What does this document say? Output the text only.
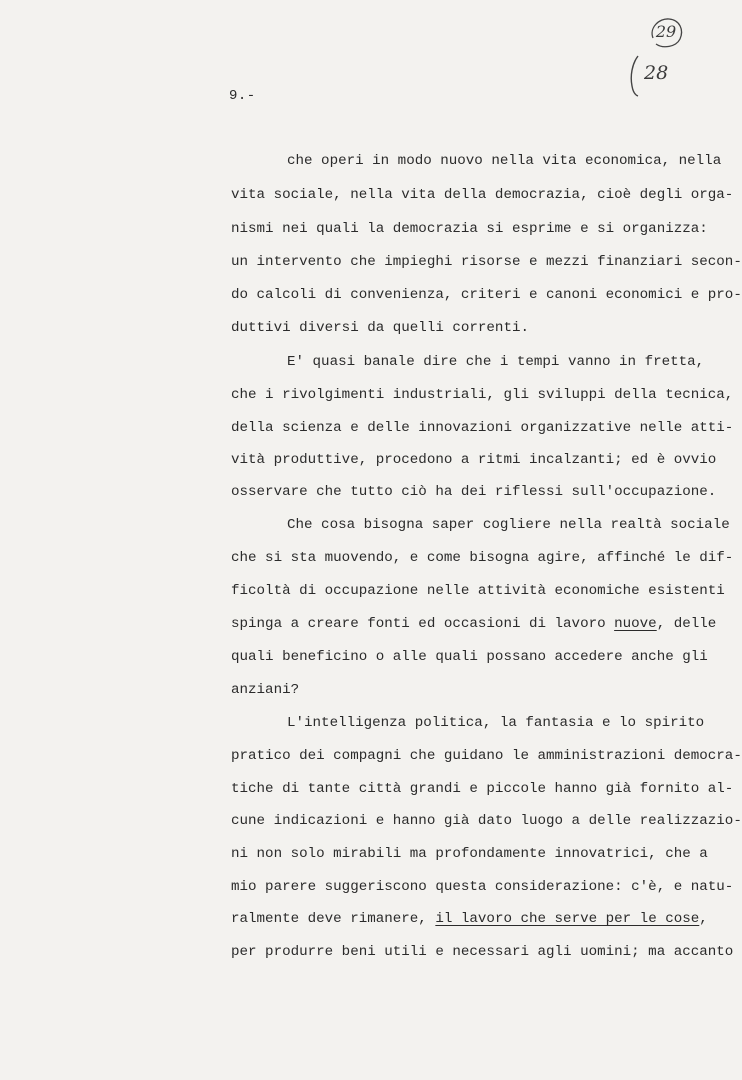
29
28
9.-
che operi in modo nuovo nella vita economica, nella
vita sociale, nella vita della democrazia, cioè degli orga-
nismi nei quali la democrazia si esprime e si organizza:
un intervento che impieghi risorse e mezzi finanziari secon-
do calcoli di convenienza, criteri e canoni economici e pro-
duttivi diversi da quelli correnti.
E' quasi banale dire che i tempi vanno in fretta,
che i rivolgimenti industriali, gli sviluppi della tecnica,
della scienza e delle innovazioni organizzative nelle atti-
vità produttive, procedono a ritmi incalzanti; ed è ovvio
osservare che tutto ciò ha dei riflessi sull'occupazione.
Che cosa bisogna saper cogliere nella realtà sociale
che si sta muovendo, e come bisogna agire, affinché le dif-
ficoltà di occupazione nelle attività economiche esistenti
spinga a creare fonti ed occasioni di lavoro nuove, delle
quali beneficino o alle quali possano accedere anche gli
anziani?
L'intelligenza politica, la fantasia e lo spirito
pratico dei compagni che guidano le amministrazioni democra-
tiche di tante città grandi e piccole hanno già fornito al-
cune indicazioni e hanno già dato luogo a delle realizzazio-
ni non solo mirabili ma profondamente innovatrici, che a
mio parere suggeriscono questa considerazione: c'è, e natu-
ralmente deve rimanere, il lavoro che serve per le cose,
per produrre beni utili e necessari agli uomini; ma accanto
